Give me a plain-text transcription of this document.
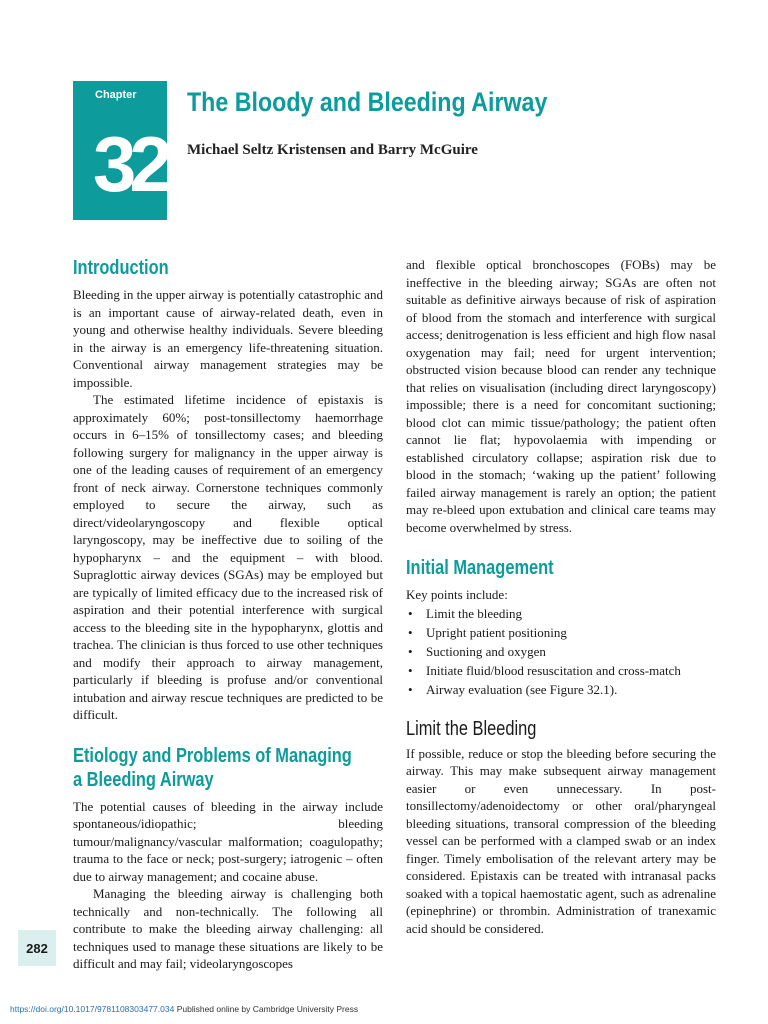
Chapter
32
The Bloody and Bleeding Airway

Michael Seltz Kristensen and Barry McGuire

Introduction

Bleeding in the upper airway is potentially catastrophic and is an important cause of airway-related death, even in young and otherwise healthy individuals. Severe bleeding in the airway is an emergency life-threatening situation. Conventional airway management strategies may be impossible.

The estimated lifetime incidence of epistaxis is approximately 60%; post-tonsillectomy haemorrhage occurs in 6–15% of tonsillectomy cases; and bleeding following surgery for malignancy in the upper airway is one of the leading causes of requirement of an emergency front of neck airway. Cornerstone techniques commonly employed to secure the airway, such as direct/videolaryngoscopy and flexible optical laryngoscopy, may be ineffective due to soiling of the hypopharynx – and the equipment – with blood. Supraglottic airway devices (SGAs) may be employed but are typically of limited efficacy due to the increased risk of aspiration and their potential interference with surgical access to the bleeding site in the hypopharynx, glottis and trachea. The clinician is thus forced to use other techniques and modify their approach to airway management, particularly if bleeding is profuse and/or conventional intubation and airway rescue techniques are predicted to be difficult.

Etiology and Problems of Managing
a Bleeding Airway

The potential causes of bleeding in the airway include spontaneous/idiopathic; bleeding tumour/malignancy/vascular malformation; coagulopathy; trauma to the face or neck; post-surgery; iatrogenic – often due to airway management; and cocaine abuse.

Managing the bleeding airway is challenging both technically and non-technically. The following all contribute to make the bleeding airway challenging: all techniques used to manage these situations are likely to be difficult and may fail; videolaryngoscopes

and flexible optical bronchoscopes (FOBs) may be ineffective in the bleeding airway; SGAs are often not suitable as definitive airways because of risk of aspiration of blood from the stomach and interference with surgical access; denitrogenation is less efficient and high flow nasal oxygenation may fail; need for urgent intervention; obstructed vision because blood can render any technique that relies on visualisation (including direct laryngoscopy) impossible; there is a need for concomitant suctioning; blood clot can mimic tissue/pathology; the patient often cannot lie flat; hypovolaemia with impending or established circulatory collapse; aspiration risk due to blood in the stomach; ‘waking up the patient’ following failed airway management is rarely an option; the patient may re-bleed upon extubation and clinical care teams may become overwhelmed by stress.

Initial Management

Key points include:

• Limit the bleeding
• Upright patient positioning
• Suctioning and oxygen
• Initiate fluid/blood resuscitation and cross-match
• Airway evaluation (see Figure 32.1).
Limit the Bleeding

If possible, reduce or stop the bleeding before securing the airway. This may make subsequent airway management easier or even unnecessary. In post-tonsillectomy/adenoidectomy or other oral/pharyngeal bleeding situations, transoral compression of the bleeding vessel can be performed with a clamped swab or an index finger. Timely embolisation of the relevant artery may be considered. Epistaxis can be treated with intranasal packs soaked with a topical haemostatic agent, such as adrenaline (epinephrine) or thrombin. Administration of tranexamic acid should be considered.

282
https://doi.org/10.1017/9781108303477.034 Published online by Cambridge University Press
